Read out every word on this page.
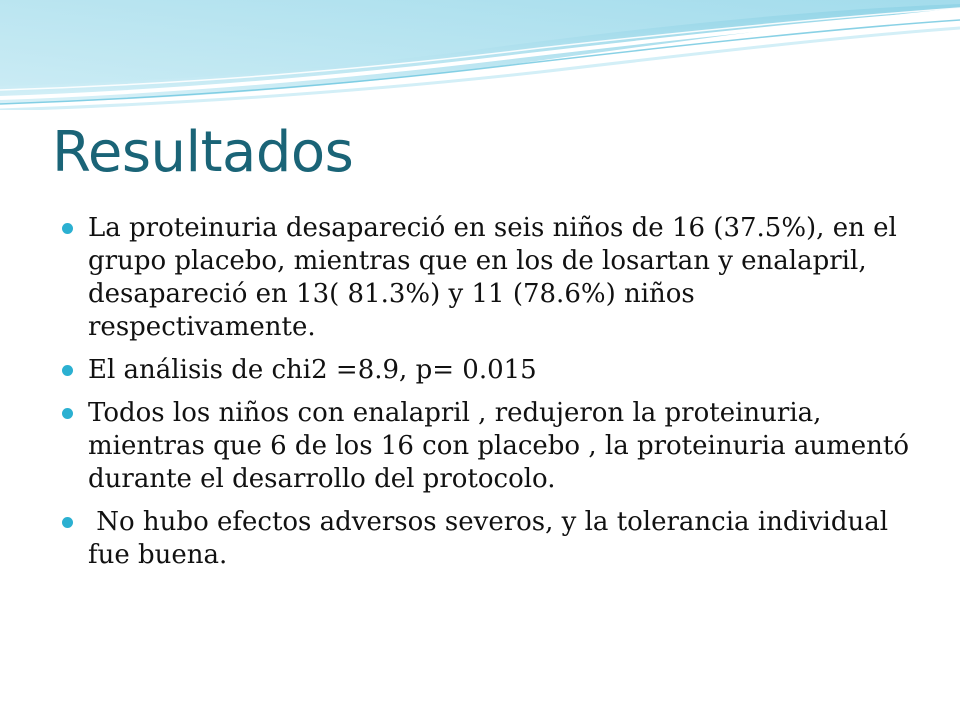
Resultados
La proteinuria desapareció en seis niños de 16 (37.5%), en el grupo placebo, mientras que en los de losartan y enalapril, desapareció en 13( 81.3%) y 11 (78.6%) niños respectivamente.
El análisis de chi2 =8.9, p= 0.015
Todos los niños con enalapril , redujeron la proteinuria, mientras que 6 de los 16 con placebo , la proteinuria aumentó durante el desarrollo del protocolo.
No hubo efectos adversos severos, y la tolerancia individual fue buena.
